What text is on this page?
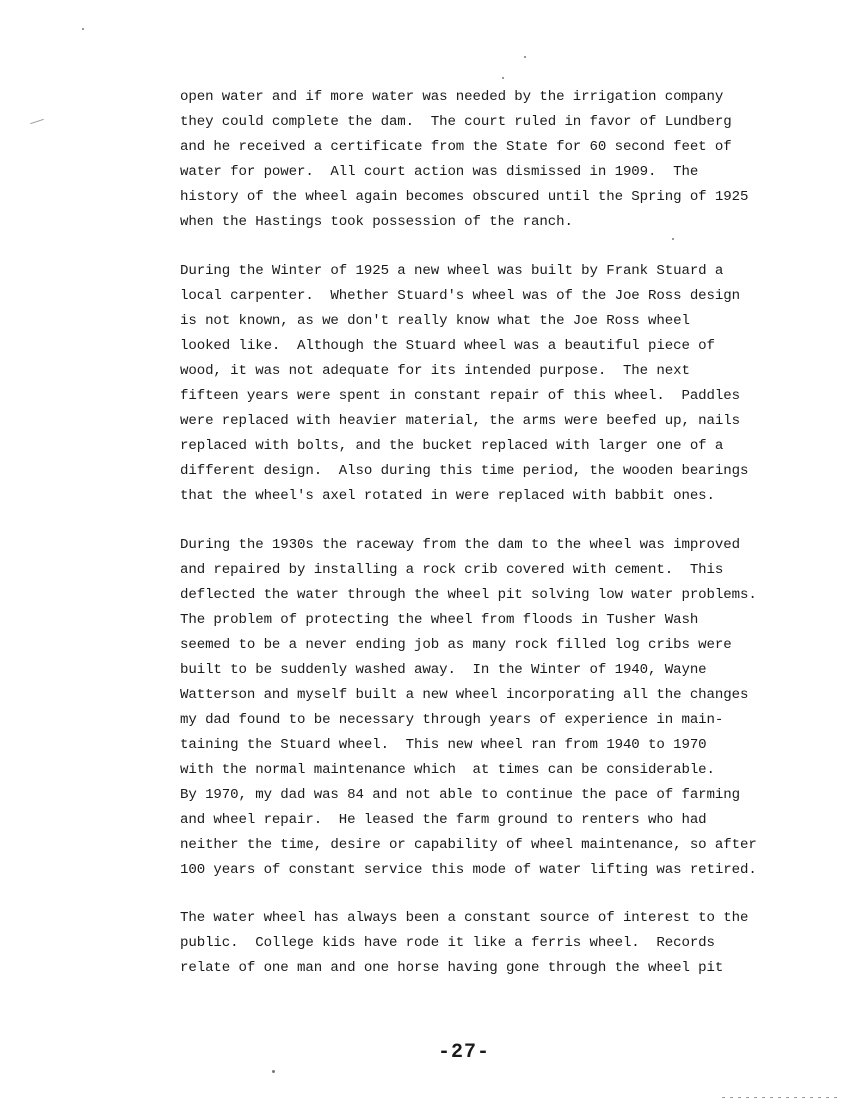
open water and if more water was needed by the irrigation company
they could complete the dam.  The court ruled in favor of Lundberg
and he received a certificate from the State for 60 second feet of
water for power.  All court action was dismissed in 1909.  The
history of the wheel again becomes obscured until the Spring of 1925
when the Hastings took possession of the ranch.
During the Winter of 1925 a new wheel was built by Frank Stuard a
local carpenter.  Whether Stuard's wheel was of the Joe Ross design
is not known, as we don't really know what the Joe Ross wheel
looked like.  Although the Stuard wheel was a beautiful piece of
wood, it was not adequate for its intended purpose.  The next
fifteen years were spent in constant repair of this wheel.  Paddles
were replaced with heavier material, the arms were beefed up, nails
replaced with bolts, and the bucket replaced with larger one of a
different design.  Also during this time period, the wooden bearings
that the wheel's axel rotated in were replaced with babbit ones.
During the 1930s the raceway from the dam to the wheel was improved
and repaired by installing a rock crib covered with cement.  This
deflected the water through the wheel pit solving low water problems.
The problem of protecting the wheel from floods in Tusher Wash
seemed to be a never ending job as many rock filled log cribs were
built to be suddenly washed away.  In the Winter of 1940, Wayne
Watterson and myself built a new wheel incorporating all the changes
my dad found to be necessary through years of experience in main-
taining the Stuard wheel.  This new wheel ran from 1940 to 1970
with the normal maintenance which  at times can be considerable.
By 1970, my dad was 84 and not able to continue the pace of farming
and wheel repair.  He leased the farm ground to renters who had
neither the time, desire or capability of wheel maintenance, so after
100 years of constant service this mode of water lifting was retired.
The water wheel has always been a constant source of interest to the
public.  College kids have rode it like a ferris wheel.  Records
relate of one man and one horse having gone through the wheel pit
-27-
